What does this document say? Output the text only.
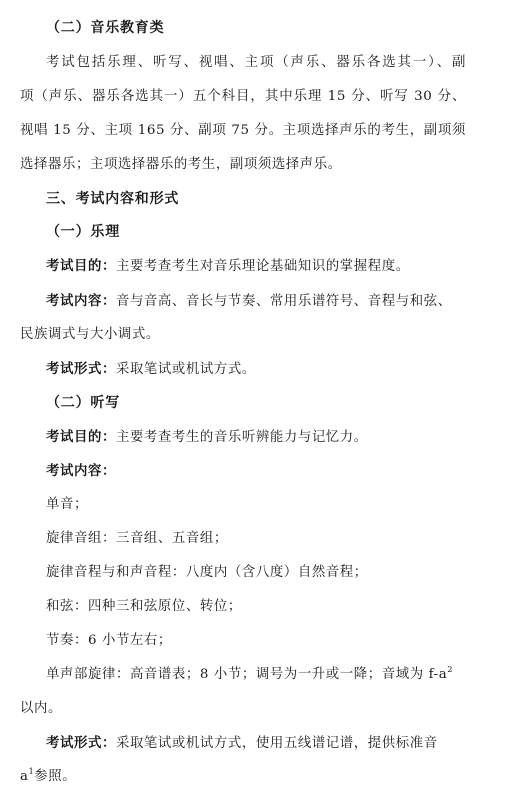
（二）音乐教育类

考试包括乐理、听写、视唱、主项（声乐、器乐各选其一）、副

项（声乐、器乐各选其一）五个科目，其中乐理 15 分、听写 30 分、

视唱 15 分、主项 165 分、副项 75 分。主项选择声乐的考生，副项须

选择器乐；主项选择器乐的考生，副项须选择声乐。

三、考试内容和形式

（一）乐理

考试目的：主要考查考生对音乐理论基础知识的掌握程度。

考试内容：音与音高、音长与节奏、常用乐谱符号、音程与和弦、

民族调式与大小调式。

考试形式：采取笔试或机试方式。

（二）听写

考试目的：主要考查考生的音乐听辨能力与记忆力。

考试内容：

单音；

旋律音组：三音组、五音组；

旋律音程与和声音程：八度内（含八度）自然音程；

和弦：四种三和弦原位、转位；

节奏：6 小节左右；

单声部旋律：高音谱表；8 小节；调号为一升或一降；音域为 $f-a^2$

以内。

考试形式：采取笔试或机试方式，使用五线谱记谱，提供标准音

$a^1$参照。
